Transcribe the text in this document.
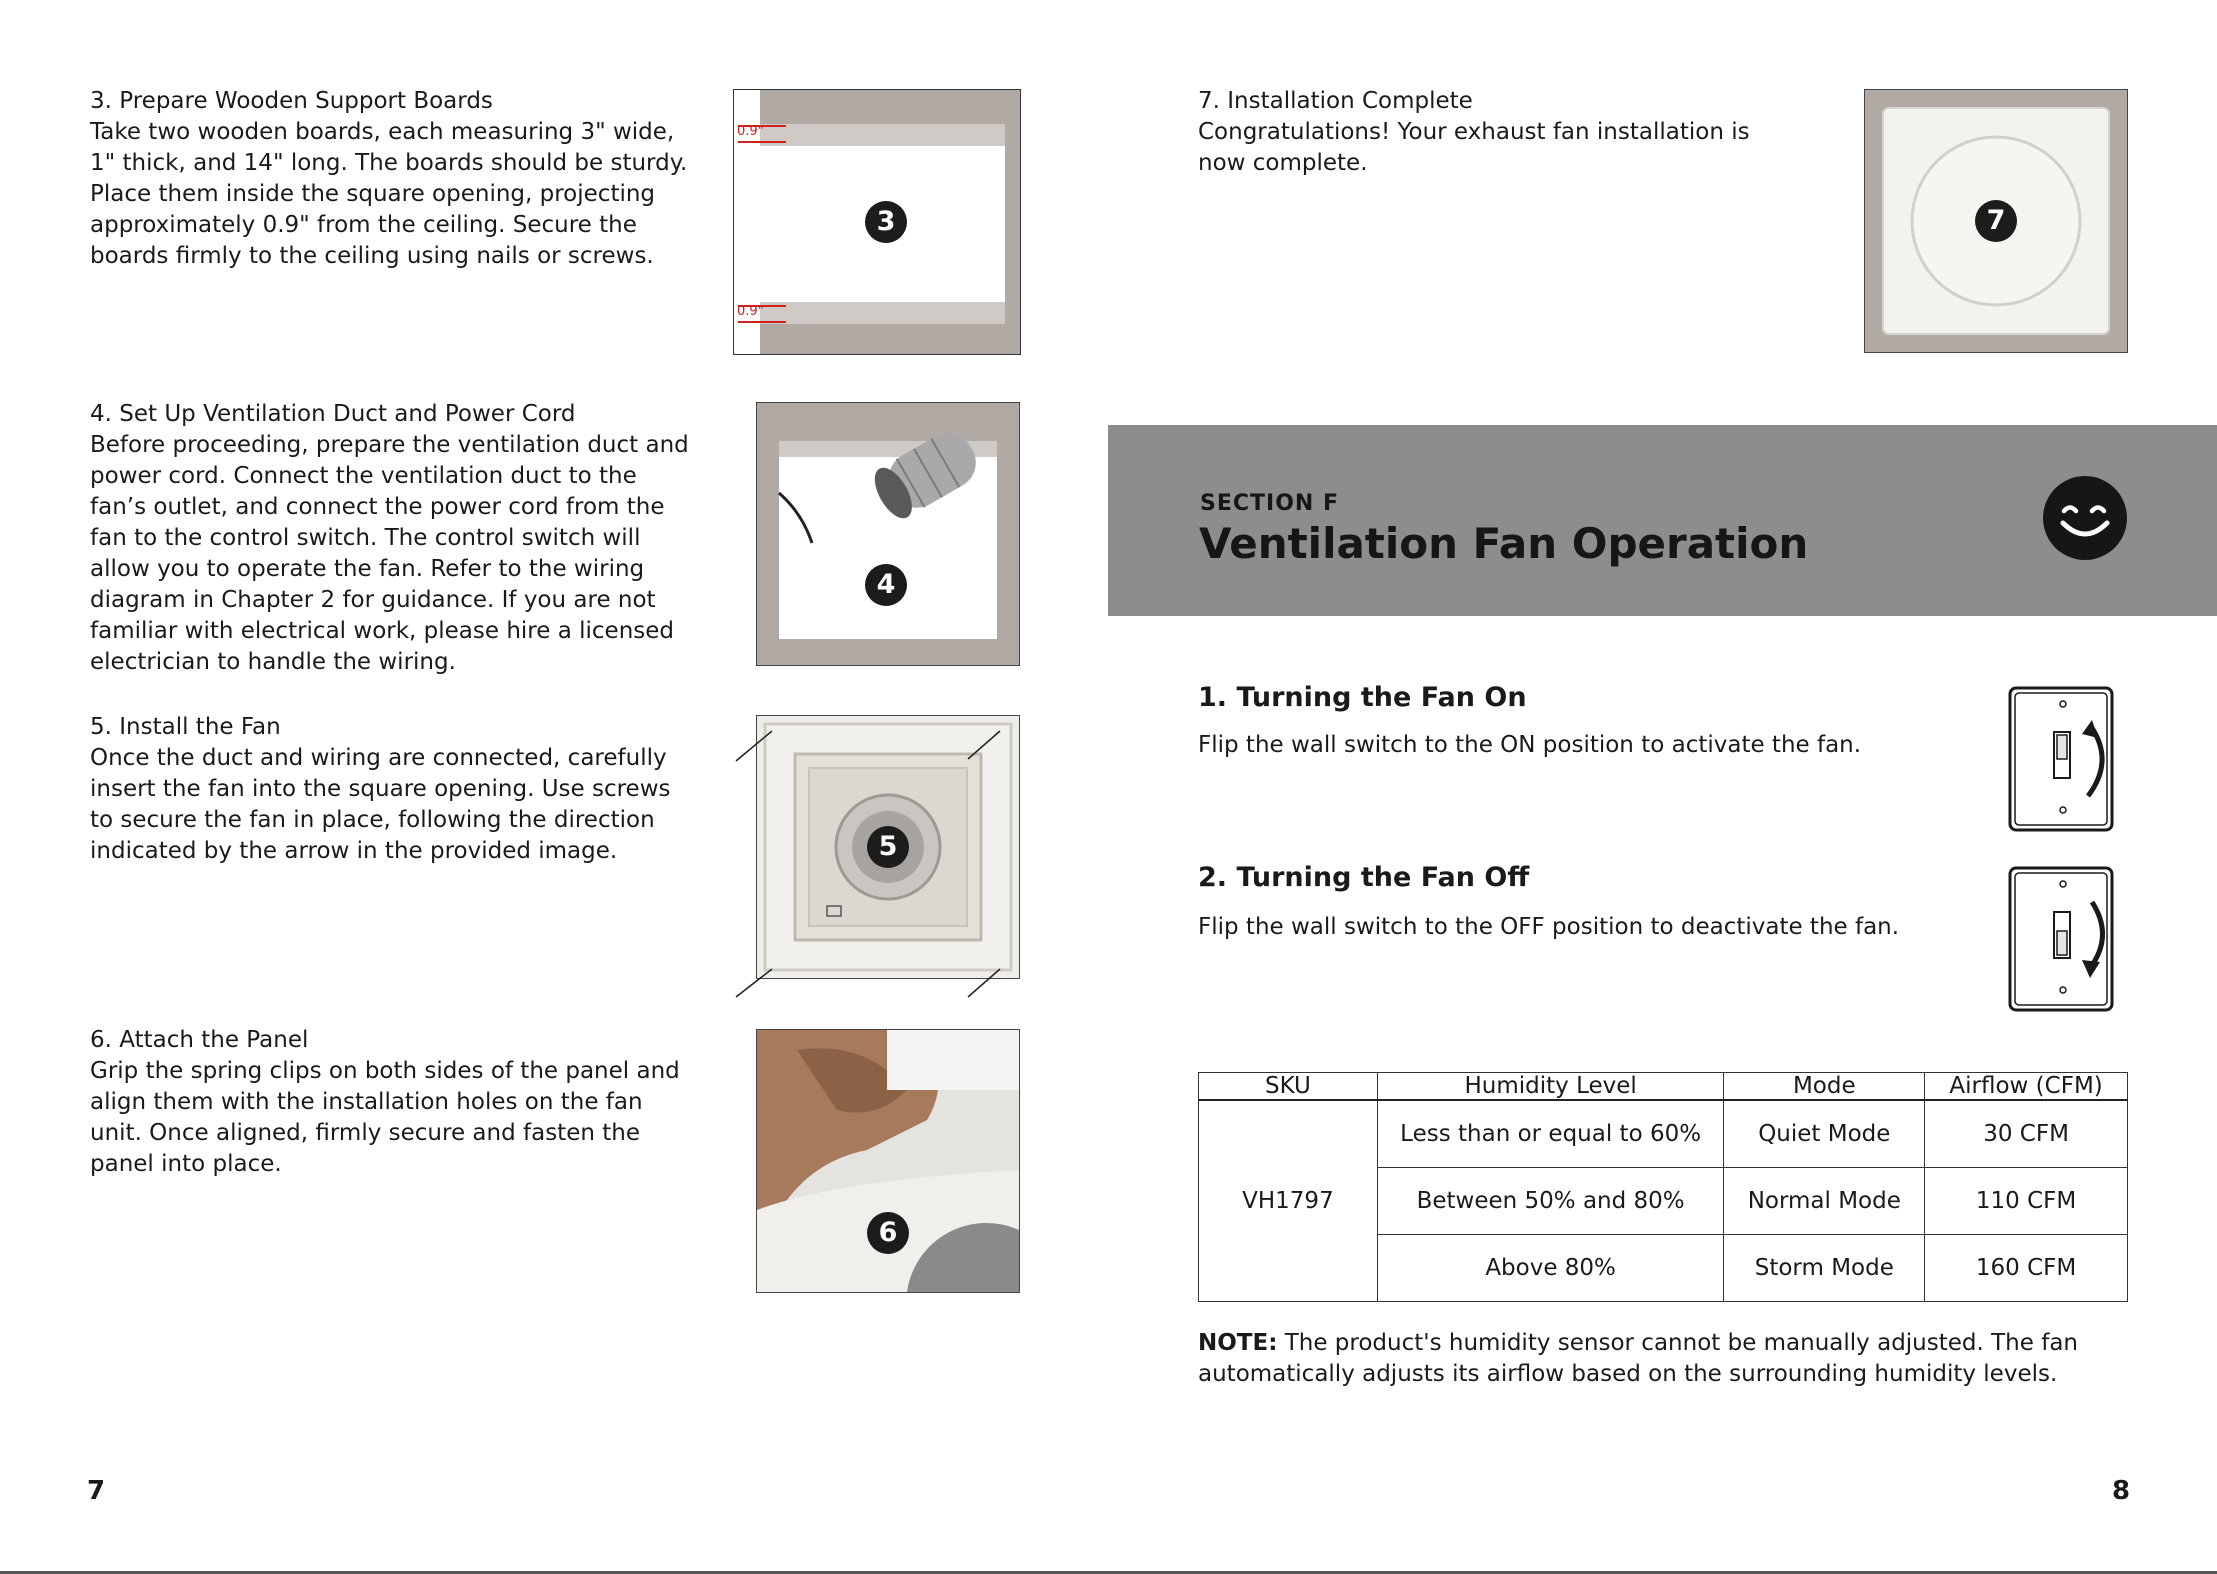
3. Prepare Wooden Support Boards
Take two wooden boards, each measuring 3" wide, 1" thick, and 14" long. The boards should be sturdy. Place them inside the square opening, projecting approximately 0.9" from the ceiling. Secure the boards firmly to the ceiling using nails or screws.
0.9"
0.9"
3
4. Set Up Ventilation Duct and Power Cord
Before proceeding, prepare the ventilation duct and power cord. Connect the ventilation duct to the fan’s outlet, and connect the power cord from the fan to the control switch. The control switch will allow you to operate the fan. Refer to the wiring diagram in Chapter 2 for guidance. If you are not familiar with electrical work, please hire a licensed electrician to handle the wiring.
4
5. Install the Fan
Once the duct and wiring are connected, carefully insert the fan into the square opening. Use screws to secure the fan in place, following the direction indicated by the arrow in the provided image.	5
6. Attach the Panel
Grip the spring clips on both sides of the panel and align them with the installation holes on the fan unit. Once aligned, firmly secure and fasten the panel into place.
6
7
7. Installation Complete
Congratulations! Your exhaust fan installation is now complete.
7
SECTION F
Ventilation Fan Operation
1. Turning the Fan On
Flip the wall switch to the ON position to activate the fan.
2. Turning the Fan Off
Flip the wall switch to the OFF position to deactivate the fan.
SKU	Humidity Level	Mode	Airflow (CFM)
VH1797	Less than or equal to 60%	Quiet Mode	30 CFM
	Between 50% and 80%	Normal Mode	110 CFM
	Above 80%	Storm Mode	160 CFM
NOTE: The product's humidity sensor cannot be manually adjusted. The fan automatically adjusts its airflow based on the surrounding humidity levels.
8
